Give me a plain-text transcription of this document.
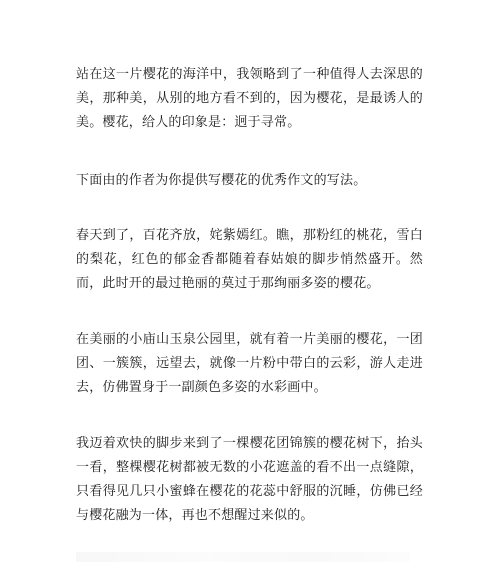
站在这一片樱花的海洋中，我领略到了一种值得人去深思的美，那种美，从别的地方看不到的，因为樱花，是最诱人的美。樱花，给人的印象是：迥于寻常。

下面由的作者为你提供写樱花的优秀作文的写法。

春天到了，百花齐放，姹紫嫣红。瞧，那粉红的桃花，雪白的梨花，红色的郁金香都随着春姑娘的脚步悄然盛开。然而，此时开的最过艳丽的莫过于那绚丽多姿的樱花。

在美丽的小庙山玉泉公园里，就有着一片美丽的樱花，一团团、一簇簇，远望去，就像一片粉中带白的云彩，游人走进去，仿佛置身于一副颜色多姿的水彩画中。

我迈着欢快的脚步来到了一棵樱花团锦簇的樱花树下，抬头一看，整棵樱花树都被无数的小花遮盖的看不出一点缝隙，只看得见几只小蜜蜂在樱花的花蕊中舒服的沉睡，仿佛已经与樱花融为一体，再也不想醒过来似的。
